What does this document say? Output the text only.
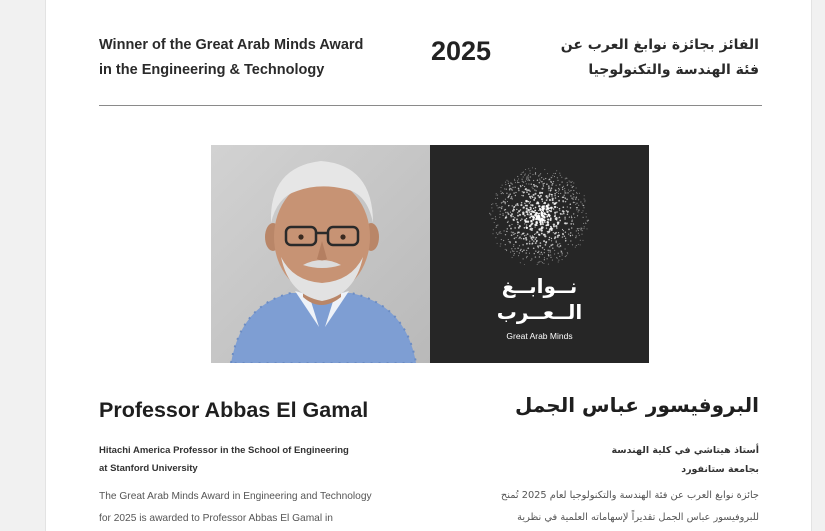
Winner of the Great Arab Minds Award
in the Engineering & Technology
2025	الفائز بجائزة نوابغ العرب عن
فئة الهندسة والتكنولوجيا
نــوابــغ
الــعــرب
Great Arab Minds
Professor Abbas El Gamal	البروفيسور عباس الجمل
Hitachi America Professor in the School of Engineering
at Stanford University
أستاذ هيتاشي في كلية الهندسة
بجامعة ستانفورد
The Great Arab Minds Award in Engineering and Technology
for 2025 is awarded to Professor Abbas El Gamal in
جائزة نوابغ العرب عن فئة الهندسة والتكنولوجيا لعام 2025 تُمنح
للبروفيسور عباس الجمل تقديراً لإسهاماته العلمية في نظرية
